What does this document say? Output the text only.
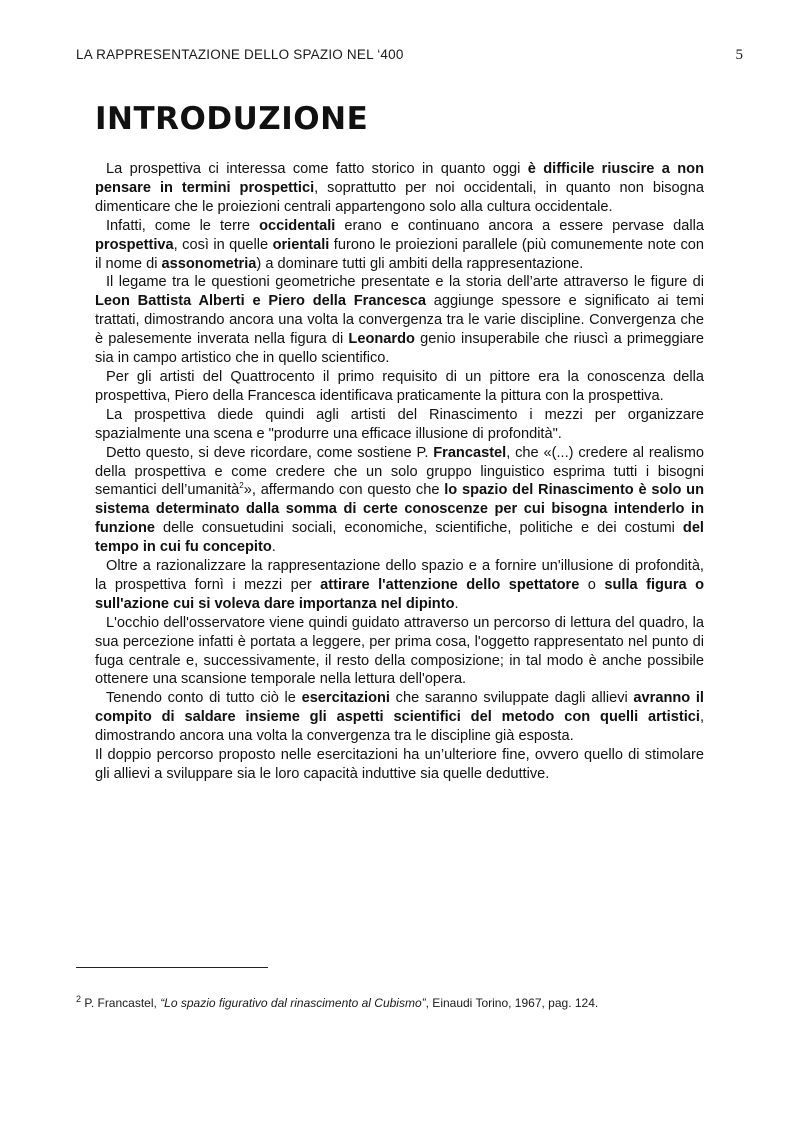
LA RAPPRESENTAZIONE DELLO SPAZIO NEL ‘400	5
INTRODUZIONE

La prospettiva ci interessa come fatto storico in quanto oggi è difficile riuscire a non pensare in termini prospettici, soprattutto per noi occidentali, in quanto non bisogna dimenticare che le proiezioni centrali appartengono solo alla cultura occidentale.

Infatti, come le terre occidentali erano e continuano ancora a essere pervase dalla prospettiva, così in quelle orientali furono le proiezioni parallele (più comunemente note con il nome di assonometria) a dominare tutti gli ambiti della rappresentazione.

Il legame tra le questioni geometriche presentate e la storia dell’arte attraverso le figure di Leon Battista Alberti e Piero della Francesca aggiunge spessore e significato ai temi trattati, dimostrando ancora una volta la convergenza tra le varie discipline. Convergenza che è palesemente inverata nella figura di Leonardo genio insuperabile che riuscì a primeggiare sia in campo artistico che in quello scientifico.

Per gli artisti del Quattrocento il primo requisito di un pittore era la conoscenza della prospettiva, Piero della Francesca identificava praticamente la pittura con la prospettiva.

La prospettiva diede quindi agli artisti del Rinascimento i mezzi per organizzare spazialmente una scena e "produrre una efficace illusione di profondità".

Detto questo, si deve ricordare, come sostiene P. Francastel, che «(...) credere al realismo della prospettiva e come credere che un solo gruppo linguistico esprima tutti i bisogni semantici dell’umanità$^2$», affermando con questo che lo spazio del Rinascimento è solo un sistema determinato dalla somma di certe conoscenze per cui bisogna intenderlo in funzione delle consuetudini sociali, economiche, scientifiche, politiche e dei costumi del tempo in cui fu concepito.

Oltre a razionalizzare la rappresentazione dello spazio e a fornire un'illusione di profondità, la prospettiva fornì i mezzi per attirare l'attenzione dello spettatore o sulla figura o sull'azione cui si voleva dare importanza nel dipinto.

L'occhio dell'osservatore viene quindi guidato attraverso un percorso di lettura del quadro, la sua percezione infatti è portata a leggere, per prima cosa, l'oggetto rappresentato nel punto di fuga centrale e, successivamente, il resto della composizione; in tal modo è anche possibile ottenere una scansione temporale nella lettura dell'opera.

Tenendo conto di tutto ciò le esercitazioni che saranno sviluppate dagli allievi avranno il compito di saldare insieme gli aspetti scientifici del metodo con quelli artistici, dimostrando ancora una volta la convergenza tra le discipline già esposta.

Il doppio percorso proposto nelle esercitazioni ha un’ulteriore fine, ovvero quello di stimolare gli allievi a sviluppare sia le loro capacità induttive sia quelle deduttive.

$^2$ P. Francastel, “Lo spazio figurativo dal rinascimento al Cubismo”, Einaudi Torino, 1967, pag. 124.
